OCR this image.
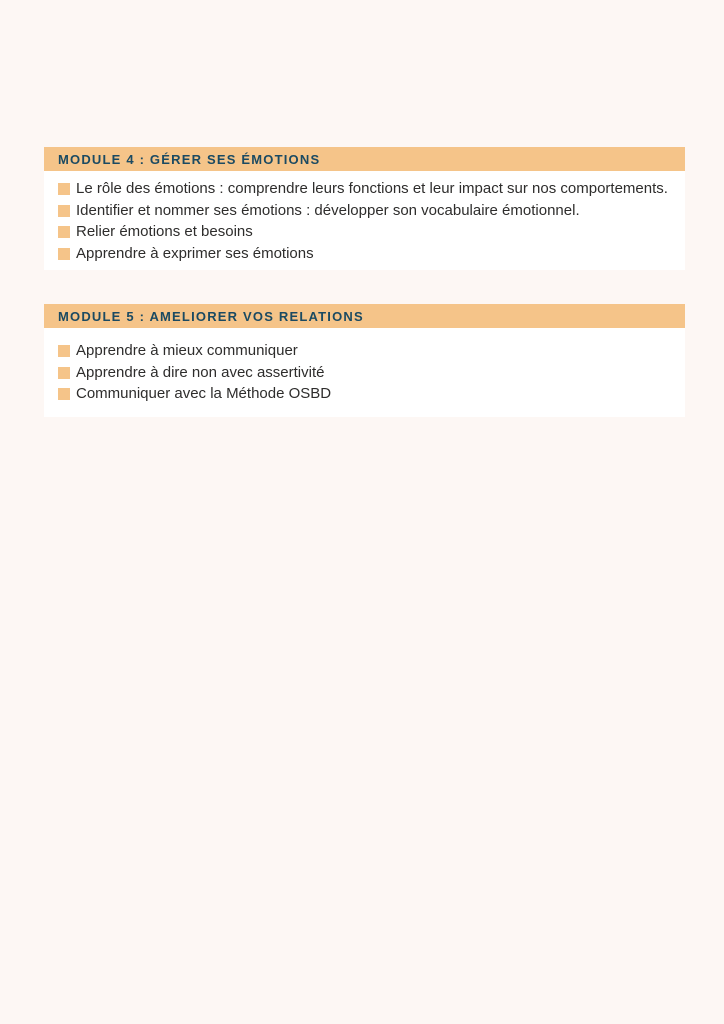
MODULE 4 : GÉRER SES ÉMOTIONS
Le rôle des émotions : comprendre leurs fonctions et leur impact sur nos comportements.
Identifier et nommer ses émotions : développer son vocabulaire émotionnel.
Relier émotions et besoins
Apprendre à exprimer ses émotions
MODULE 5 : AMELIORER VOS RELATIONS
Apprendre à mieux communiquer
Apprendre à dire non avec assertivité
Communiquer avec la Méthode OSBD
